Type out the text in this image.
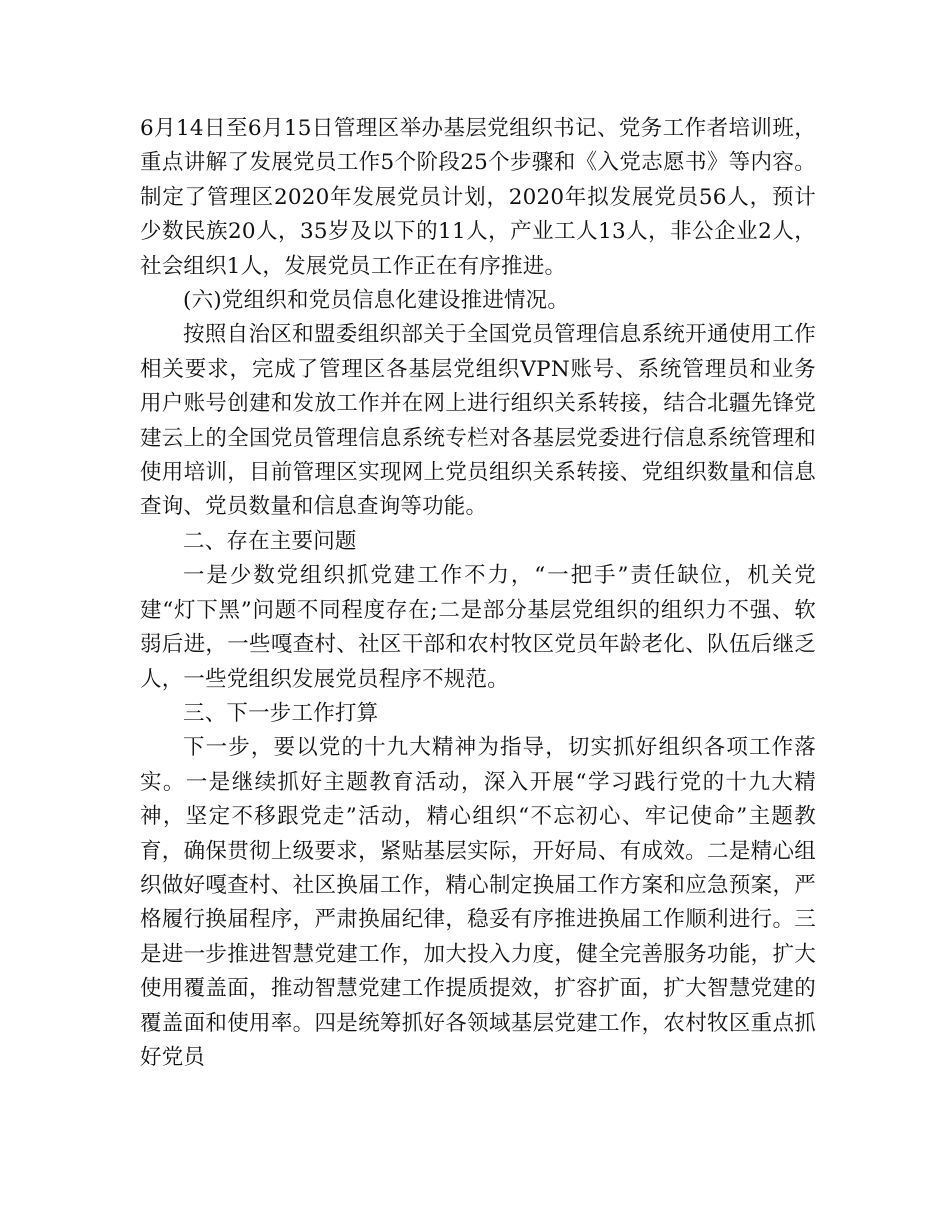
6月14日至6月15日管理区举办基层党组织书记、党务工作者培训班，重点讲解了发展党员工作5个阶段25个步骤和《入党志愿书》等内容。制定了管理区2020年发展党员计划，2020年拟发展党员56人，预计少数民族20人，35岁及以下的11人，产业工人13人，非公企业2人，社会组织1人，发展党员工作正在有序推进。

(六)党组织和党员信息化建设推进情况。

按照自治区和盟委组织部关于全国党员管理信息系统开通使用工作相关要求，完成了管理区各基层党组织VPN账号、系统管理员和业务用户账号创建和发放工作并在网上进行组织关系转接，结合北疆先锋党建云上的全国党员管理信息系统专栏对各基层党委进行信息系统管理和使用培训，目前管理区实现网上党员组织关系转接、党组织数量和信息查询、党员数量和信息查询等功能。

二、存在主要问题

一是少数党组织抓党建工作不力，“一把手”责任缺位，机关党建“灯下黑”问题不同程度存在;二是部分基层党组织的组织力不强、软弱后进，一些嘎查村、社区干部和农村牧区党员年龄老化、队伍后继乏人，一些党组织发展党员程序不规范。

三、下一步工作打算

下一步，要以党的十九大精神为指导，切实抓好组织各项工作落实。一是继续抓好主题教育活动，深入开展“学习践行党的十九大精神，坚定不移跟党走”活动，精心组织“不忘初心、牢记使命”主题教育，确保贯彻上级要求，紧贴基层实际，开好局、有成效。二是精心组织做好嘎查村、社区换届工作，精心制定换届工作方案和应急预案，严格履行换届程序，严肃换届纪律，稳妥有序推进换届工作顺利进行。三是进一步推进智慧党建工作，加大投入力度，健全完善服务功能，扩大使用覆盖面，推动智慧党建工作提质提效，扩容扩面，扩大智慧党建的覆盖面和使用率。四是统筹抓好各领域基层党建工作，农村牧区重点抓好党员
